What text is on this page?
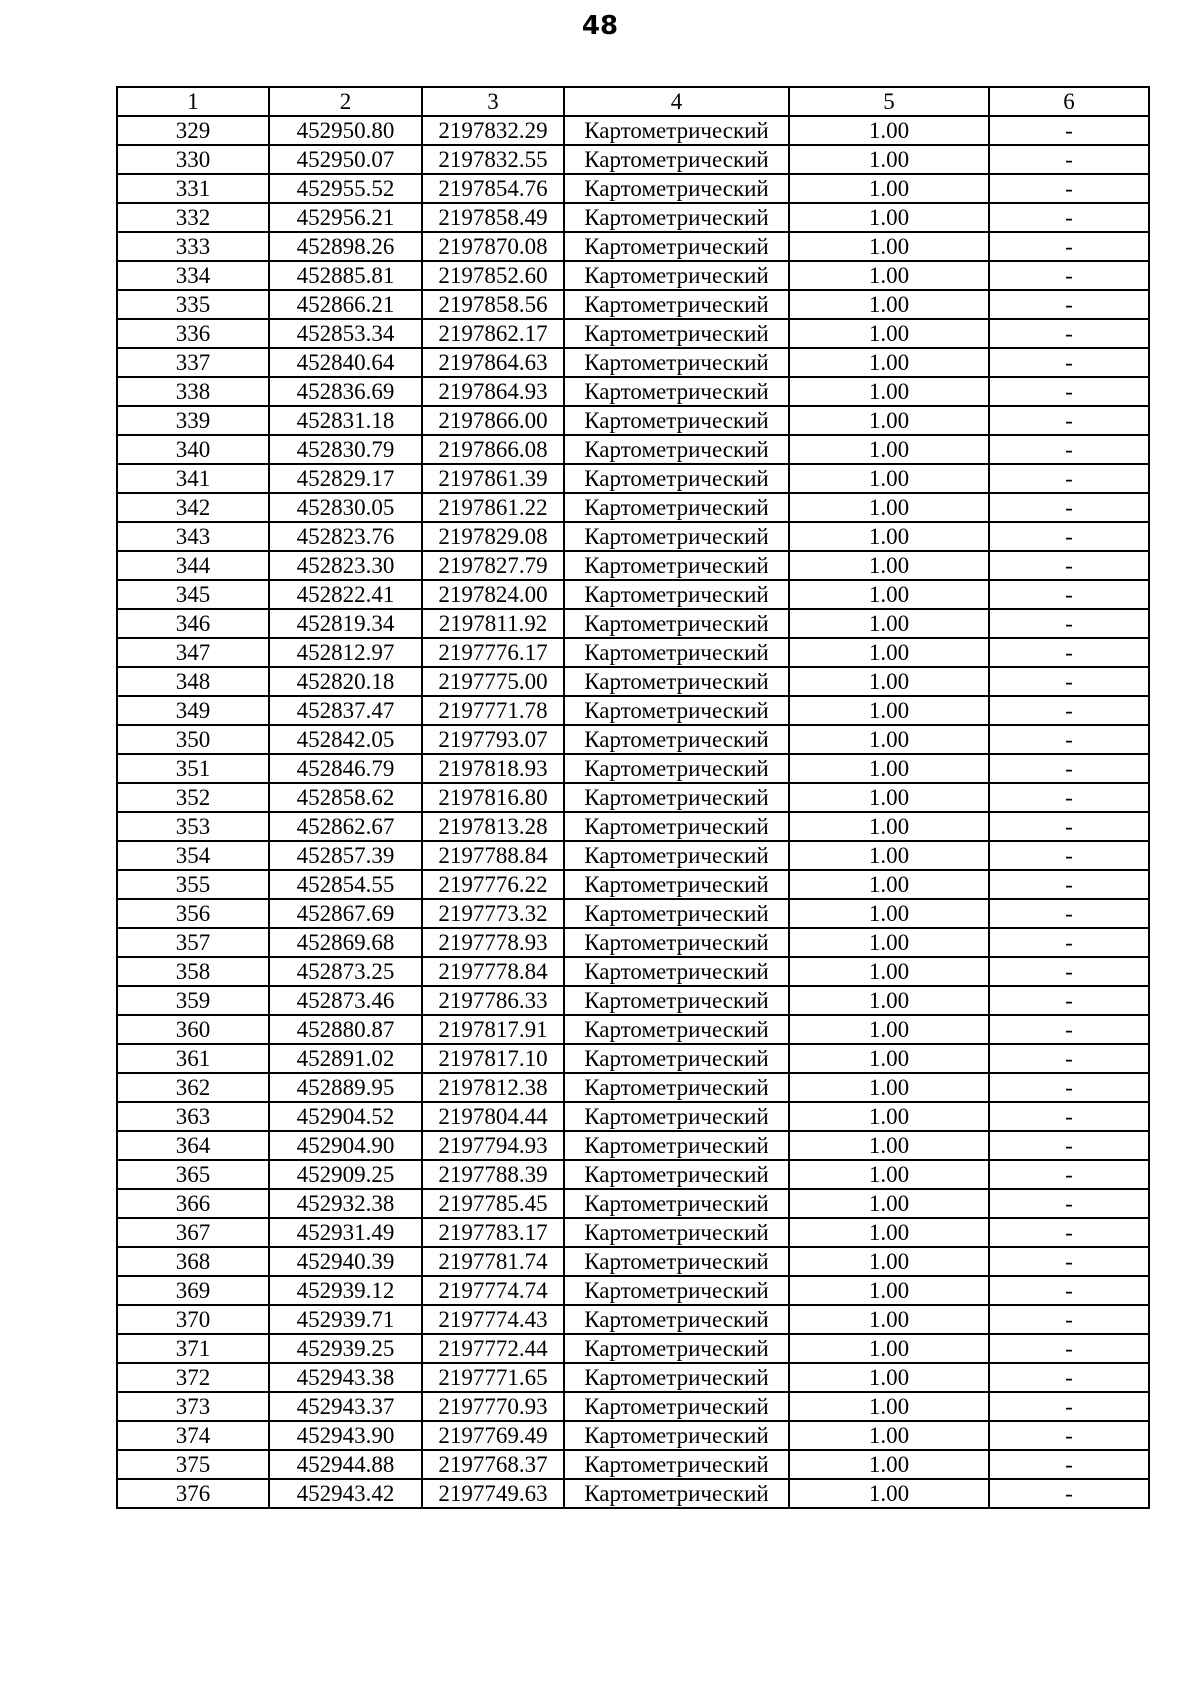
48
1	2	3	4	5	6
329	452950.80	2197832.29	Картометрический	1.00	-
330	452950.07	2197832.55	Картометрический	1.00	-
331	452955.52	2197854.76	Картометрический	1.00	-
332	452956.21	2197858.49	Картометрический	1.00	-
333	452898.26	2197870.08	Картометрический	1.00	-
334	452885.81	2197852.60	Картометрический	1.00	-
335	452866.21	2197858.56	Картометрический	1.00	-
336	452853.34	2197862.17	Картометрический	1.00	-
337	452840.64	2197864.63	Картометрический	1.00	-
338	452836.69	2197864.93	Картометрический	1.00	-
339	452831.18	2197866.00	Картометрический	1.00	-
340	452830.79	2197866.08	Картометрический	1.00	-
341	452829.17	2197861.39	Картометрический	1.00	-
342	452830.05	2197861.22	Картометрический	1.00	-
343	452823.76	2197829.08	Картометрический	1.00	-
344	452823.30	2197827.79	Картометрический	1.00	-
345	452822.41	2197824.00	Картометрический	1.00	-
346	452819.34	2197811.92	Картометрический	1.00	-
347	452812.97	2197776.17	Картометрический	1.00	-
348	452820.18	2197775.00	Картометрический	1.00	-
349	452837.47	2197771.78	Картометрический	1.00	-
350	452842.05	2197793.07	Картометрический	1.00	-
351	452846.79	2197818.93	Картометрический	1.00	-
352	452858.62	2197816.80	Картометрический	1.00	-
353	452862.67	2197813.28	Картометрический	1.00	-
354	452857.39	2197788.84	Картометрический	1.00	-
355	452854.55	2197776.22	Картометрический	1.00	-
356	452867.69	2197773.32	Картометрический	1.00	-
357	452869.68	2197778.93	Картометрический	1.00	-
358	452873.25	2197778.84	Картометрический	1.00	-
359	452873.46	2197786.33	Картометрический	1.00	-
360	452880.87	2197817.91	Картометрический	1.00	-
361	452891.02	2197817.10	Картометрический	1.00	-
362	452889.95	2197812.38	Картометрический	1.00	-
363	452904.52	2197804.44	Картометрический	1.00	-
364	452904.90	2197794.93	Картометрический	1.00	-
365	452909.25	2197788.39	Картометрический	1.00	-
366	452932.38	2197785.45	Картометрический	1.00	-
367	452931.49	2197783.17	Картометрический	1.00	-
368	452940.39	2197781.74	Картометрический	1.00	-
369	452939.12	2197774.74	Картометрический	1.00	-
370	452939.71	2197774.43	Картометрический	1.00	-
371	452939.25	2197772.44	Картометрический	1.00	-
372	452943.38	2197771.65	Картометрический	1.00	-
373	452943.37	2197770.93	Картометрический	1.00	-
374	452943.90	2197769.49	Картометрический	1.00	-
375	452944.88	2197768.37	Картометрический	1.00	-
376	452943.42	2197749.63	Картометрический	1.00	-
